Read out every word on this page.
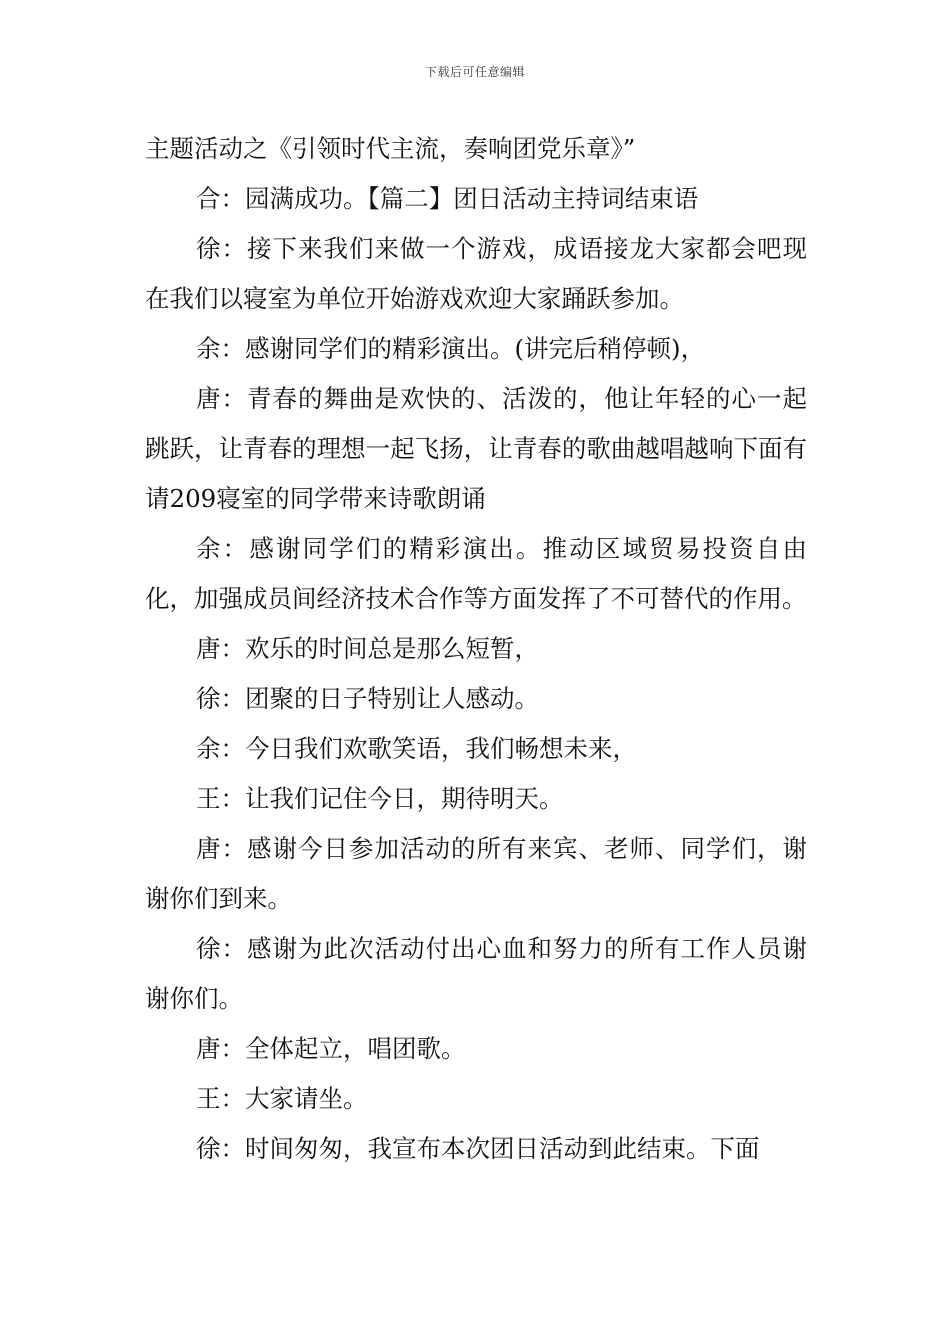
下载后可任意编辑

主题活动之《引领时代主流，奏响团党乐章》”

合：园满成功。【篇二】团日活动主持词结束语

徐：接下来我们来做一个游戏，成语接龙大家都会吧现在我们以寝室为单位开始游戏欢迎大家踊跃参加。

余：感谢同学们的精彩演出。(讲完后稍停顿)，

唐：青春的舞曲是欢快的、活泼的，他让年轻的心一起跳跃，让青春的理想一起飞扬，让青春的歌曲越唱越响下面有请209寝室的同学带来诗歌朗诵

余：感谢同学们的精彩演出。推动区域贸易投资自由化，加强成员间经济技术合作等方面发挥了不可替代的作用。

唐：欢乐的时间总是那么短暂，

徐：团聚的日子特别让人感动。

余：今日我们欢歌笑语，我们畅想未来，

王：让我们记住今日，期待明天。

唐：感谢今日参加活动的所有来宾、老师、同学们，谢谢你们到来。

徐：感谢为此次活动付出心血和努力的所有工作人员谢谢你们。

唐：全体起立，唱团歌。

王：大家请坐。

徐：时间匆匆，我宣布本次团日活动到此结束。下面
